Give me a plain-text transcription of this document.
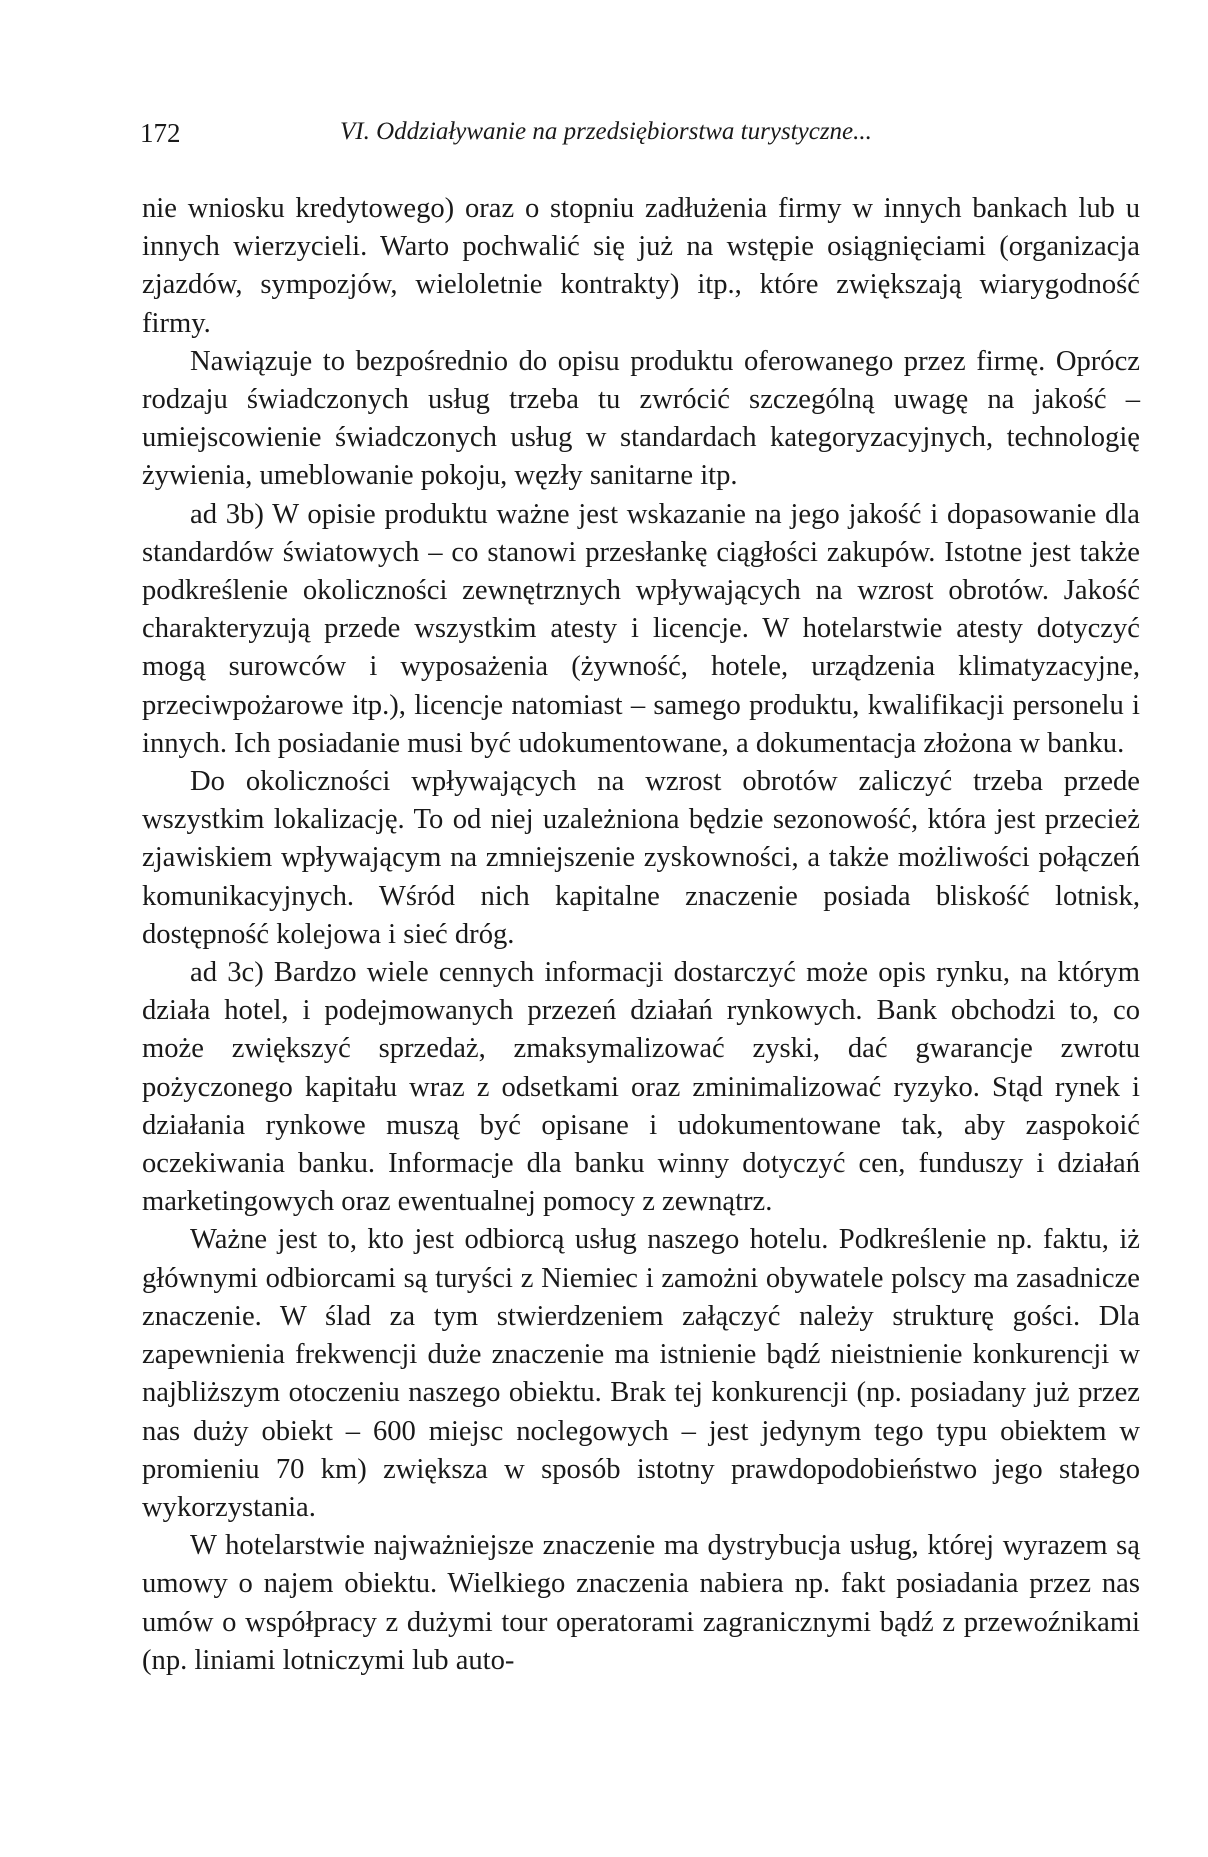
172	VI. Oddziaływanie na przedsiębiorstwa turystyczne...

nie wniosku kredytowego) oraz o stopniu zadłużenia firmy w innych bankach lub u innych wierzycieli. Warto pochwalić się już na wstępie osiągnięciami (organizacja zjazdów, sympozjów, wieloletnie kontrakty) itp., które zwiększają wiarygodność firmy.

Nawiązuje to bezpośrednio do opisu produktu oferowanego przez firmę. Oprócz rodzaju świadczonych usług trzeba tu zwrócić szczególną uwagę na jakość – umiejscowienie świadczonych usług w standardach kategoryzacyjnych, technologię żywienia, umeblowanie pokoju, węzły sanitarne itp.

ad 3b) W opisie produktu ważne jest wskazanie na jego jakość i dopasowanie dla standardów światowych – co stanowi przesłankę ciągłości zakupów. Istotne jest także podkreślenie okoliczności zewnętrznych wpływających na wzrost obrotów. Jakość charakteryzują przede wszystkim atesty i licencje. W hotelarstwie atesty dotyczyć mogą surowców i wyposażenia (żywność, hotele, urządzenia klimatyzacyjne, przeciwpożarowe itp.), licencje natomiast – samego produktu, kwalifikacji personelu i innych. Ich posiadanie musi być udokumentowane, a dokumentacja złożona w banku.

Do okoliczności wpływających na wzrost obrotów zaliczyć trzeba przede wszystkim lokalizację. To od niej uzależniona będzie sezonowość, która jest przecież zjawiskiem wpływającym na zmniejszenie zyskowności, a także możliwości połączeń komunikacyjnych. Wśród nich kapitalne znaczenie posiada bliskość lotnisk, dostępność kolejowa i sieć dróg.

ad 3c) Bardzo wiele cennych informacji dostarczyć może opis rynku, na którym działa hotel, i podejmowanych przezeń działań rynkowych. Bank obchodzi to, co może zwiększyć sprzedaż, zmaksymalizować zyski, dać gwarancje zwrotu pożyczonego kapitału wraz z odsetkami oraz zminimalizować ryzyko. Stąd rynek i działania rynkowe muszą być opisane i udokumentowane tak, aby zaspokoić oczekiwania banku. Informacje dla banku winny dotyczyć cen, funduszy i działań marketingowych oraz ewentualnej pomocy z zewnątrz.

Ważne jest to, kto jest odbiorcą usług naszego hotelu. Podkreślenie np. faktu, iż głównymi odbiorcami są turyści z Niemiec i zamożni obywatele polscy ma zasadnicze znaczenie. W ślad za tym stwierdzeniem załączyć należy strukturę gości. Dla zapewnienia frekwencji duże znaczenie ma istnienie bądź nieistnienie konkurencji w najbliższym otoczeniu naszego obiektu. Brak tej konkurencji (np. posiadany już przez nas duży obiekt – 600 miejsc noclegowych – jest jedynym tego typu obiektem w promieniu 70 km) zwiększa w sposób istotny prawdopodobieństwo jego stałego wykorzystania.

W hotelarstwie najważniejsze znaczenie ma dystrybucja usług, której wyrazem są umowy o najem obiektu. Wielkiego znaczenia nabiera np. fakt posiadania przez nas umów o współpracy z dużymi tour operatorami zagranicznymi bądź z przewoźnikami (np. liniami lotniczymi lub auto-
